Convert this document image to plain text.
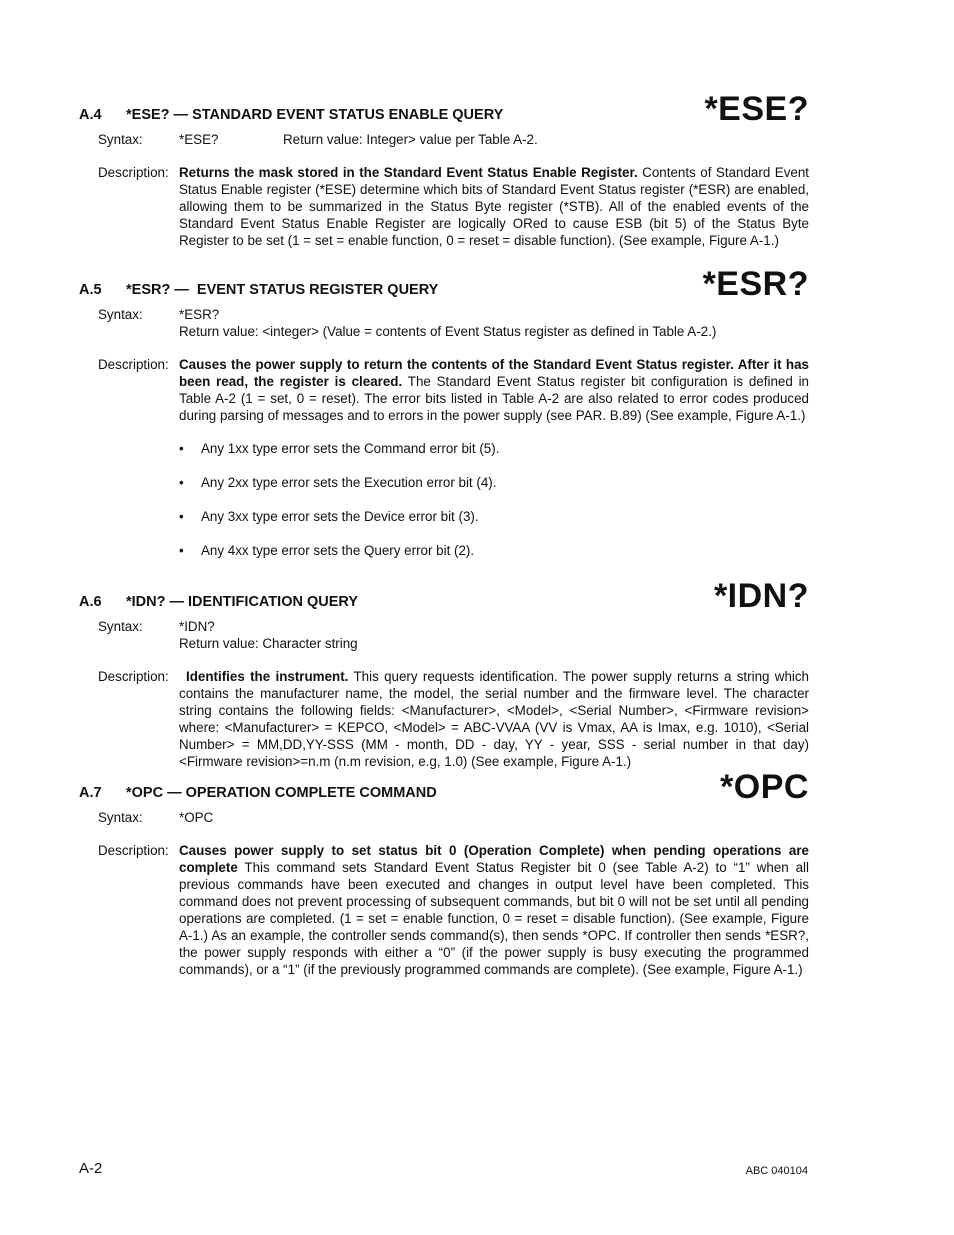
A.4 *ESE? — STANDARD EVENT STATUS ENABLE QUERY	*ESE?
Syntax:	*ESE?	Return value: Integer> value per Table A-2.
Description: Returns the mask stored in the Standard Event Status Enable Register. Contents of Standard Event Status Enable register (*ESE) determine which bits of Standard Event Status register (*ESR) are enabled, allowing them to be summarized in the Status Byte register (*STB). All of the enabled events of the Standard Event Status Enable Register are logically ORed to cause ESB (bit 5) of the Status Byte Register to be set (1 = set = enable function, 0 = reset = disable function). (See example, Figure A-1.)
A.5 *ESR? —  EVENT STATUS REGISTER QUERY	*ESR?
Syntax:	*ESR?
Return value: <integer> (Value = contents of Event Status register as defined in Table A-2.)
Description: Causes the power supply to return the contents of the Standard Event Status register. After it has been read, the register is cleared. The Standard Event Status register bit configuration is defined in Table A-2 (1 = set, 0 = reset). The error bits listed in Table A-2 are also related to error codes produced during parsing of messages and to errors in the power supply (see PAR. B.89) (See example, Figure A-1.)
• Any 1xx type error sets the Command error bit (5).
• Any 2xx type error sets the Execution error bit (4).
• Any 3xx type error sets the Device error bit (3).
• Any 4xx type error sets the Query error bit (2).
A.6 *IDN? — IDENTIFICATION QUERY	*IDN?
Syntax:	*IDN?
Return value: Character string
Description:	Identifies the instrument. This query requests identification. The power supply returns a string which contains the manufacturer name, the model, the serial number and the firmware level. The character string contains the following fields: <Manufacturer>, <Model>, <Serial Number>, <Firmware revision> where: <Manufacturer> = KEPCO, <Model> = ABC-VVAA (VV is Vmax, AA is Imax, e.g. 1010), <Serial Number> = MM,DD,YY-SSS (MM - month, DD - day, YY - year, SSS - serial number in that day) <Firmware revision>=n.m (n.m revision, e.g, 1.0) (See example, Figure A-1.)
A.7 *OPC — OPERATION COMPLETE COMMAND	*OPC
Syntax:	*OPC
Description: Causes power supply to set status bit 0 (Operation Complete) when pending operations are complete This command sets Standard Event Status Register bit 0 (see Table A-2) to “1” when all previous commands have been executed and changes in output level have been completed. This command does not prevent processing of subsequent commands, but bit 0 will not be set until all pending operations are completed. (1 = set = enable function, 0 = reset = disable function). (See example, Figure A-1.) As an example, the controller sends command(s), then sends *OPC. If controller then sends *ESR?, the power supply responds with either a “0” (if the power supply is busy executing the programmed commands), or a “1” (if the previously programmed commands are complete). (See example, Figure A-1.)
A-2	ABC 040104
